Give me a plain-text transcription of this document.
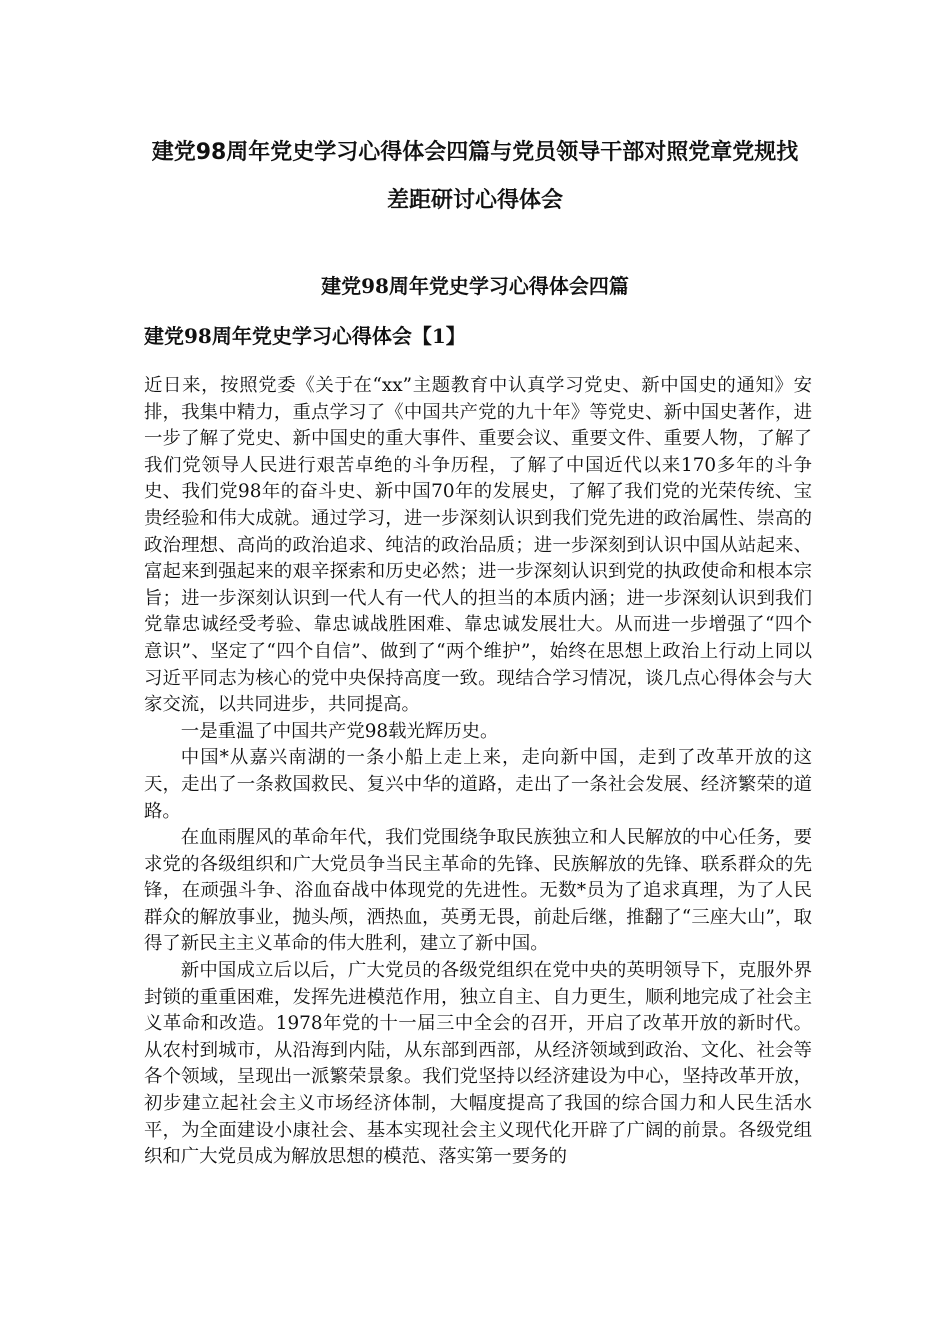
建党98周年党史学习心得体会四篇与党员领导干部对照党章党规找
差距研讨心得体会
建党98周年党史学习心得体会四篇
建党98周年党史学习心得体会【1】

近日来，按照党委《关于在“xx”主题教育中认真学习党史、新中国史的通知》安排，我集中精力，重点学习了《中国共产党的九十年》等党史、新中国史著作，进一步了解了党史、新中国史的重大事件、重要会议、重要文件、重要人物，了解了我们党领导人民进行艰苦卓绝的斗争历程，了解了中国近代以来170多年的斗争史、我们党98年的奋斗史、新中国70年的发展史，了解了我们党的光荣传统、宝贵经验和伟大成就。通过学习，进一步深刻认识到我们党先进的政治属性、崇高的政治理想、高尚的政治追求、纯洁的政治品质；进一步深刻到认识中国从站起来、富起来到强起来的艰辛探索和历史必然；进一步深刻认识到党的执政使命和根本宗旨；进一步深刻认识到一代人有一代人的担当的本质内涵；进一步深刻认识到我们党靠忠诚经受考验、靠忠诚战胜困难、靠忠诚发展壮大。从而进一步增强了“四个意识”、坚定了“四个自信”、做到了“两个维护”，始终在思想上政治上行动上同以习近平同志为核心的党中央保持高度一致。现结合学习情况，谈几点心得体会与大家交流，以共同进步，共同提高。

一是重温了中国共产党98载光辉历史。

中国*从嘉兴南湖的一条小船上走上来，走向新中国，走到了改革开放的这天，走出了一条救国救民、复兴中华的道路，走出了一条社会发展、经济繁荣的道路。

在血雨腥风的革命年代，我们党围绕争取民族独立和人民解放的中心任务，要求党的各级组织和广大党员争当民主革命的先锋、民族解放的先锋、联系群众的先锋，在顽强斗争、浴血奋战中体现党的先进性。无数*员为了追求真理，为了人民群众的解放事业，抛头颅，洒热血，英勇无畏，前赴后继，推翻了“三座大山”，取得了新民主主义革命的伟大胜利，建立了新中国。

新中国成立后以后，广大党员的各级党组织在党中央的英明领导下，克服外界封锁的重重困难，发挥先进模范作用，独立自主、自力更生，顺利地完成了社会主义革命和改造。1978年党的十一届三中全会的召开，开启了改革开放的新时代。从农村到城市，从沿海到内陆，从东部到西部，从经济领域到政治、文化、社会等各个领域，呈现出一派繁荣景象。我们党坚持以经济建设为中心，坚持改革开放，初步建立起社会主义市场经济体制，大幅度提高了我国的综合国力和人民生活水平，为全面建设小康社会、基本实现社会主义现代化开辟了广阔的前景。各级党组织和广大党员成为解放思想的模范、落实第一要务的
